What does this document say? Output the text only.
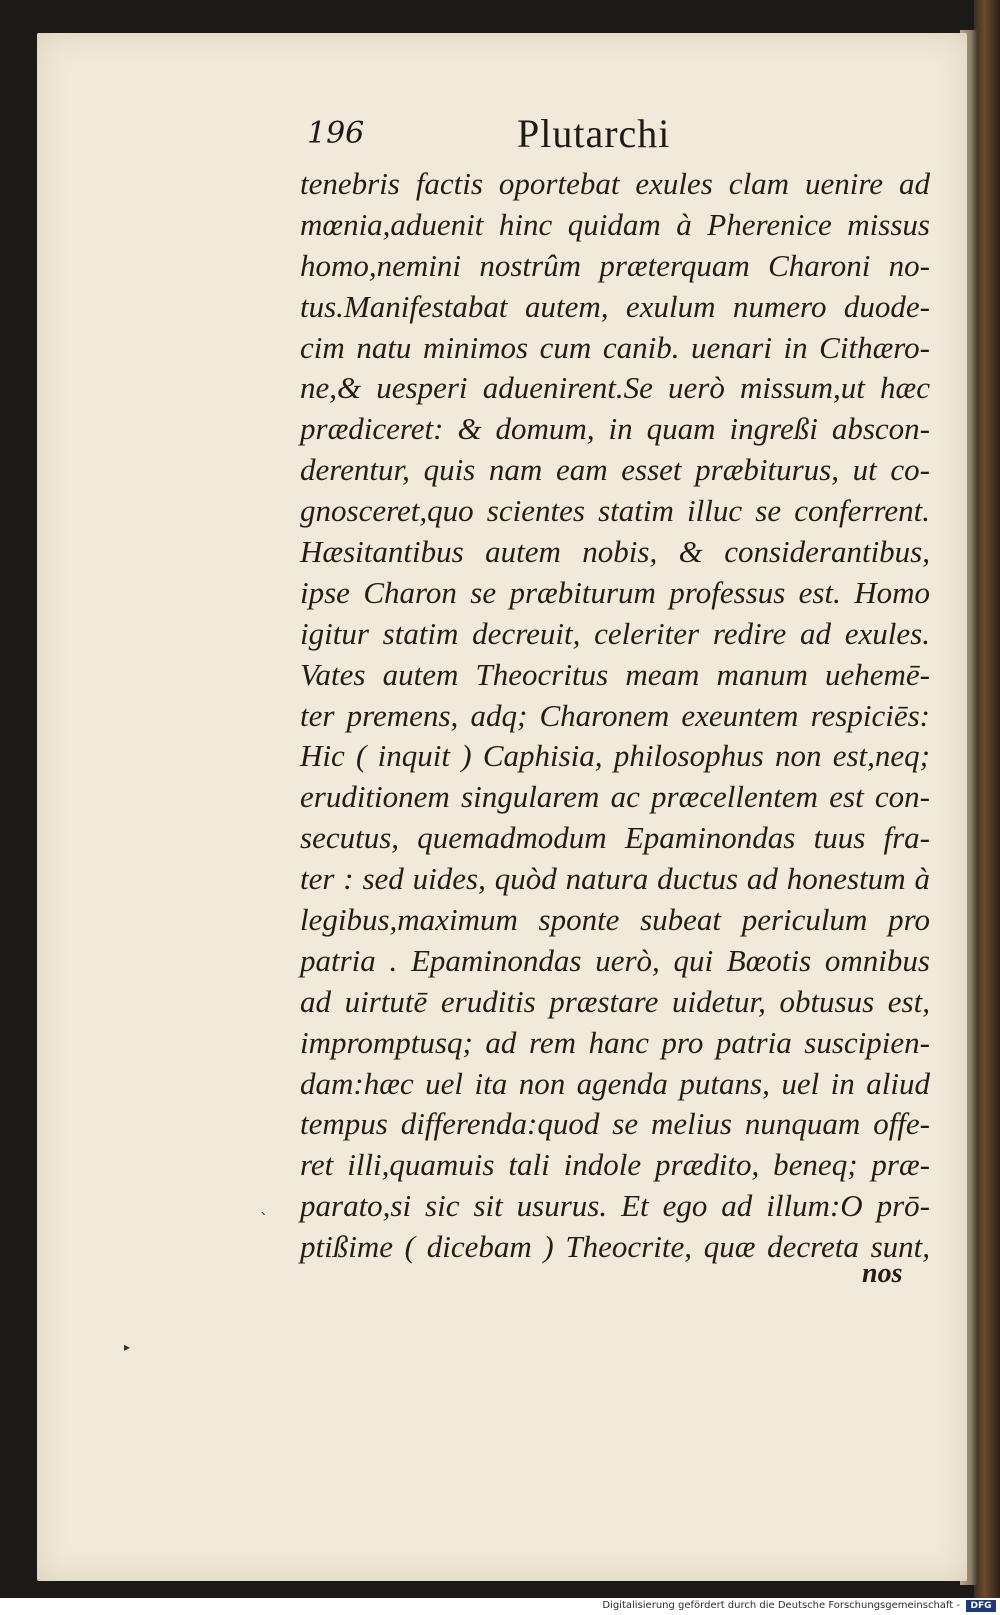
196	Plutarchi
tenebris factis oportebat exules clam uenire ad
mœnia,aduenit hinc quidam à Pherenice missus
homo,nemini nostrûm præterquam Charoni no-
tus.Manifestabat autem, exulum numero duode-
cim natu minimos cum canib. uenari in Cithæro-
ne,& uesperi aduenirent.Se uerò missum,ut hæc
prædiceret: & domum, in quam ingreßi abscon-
derentur, quis nam eam esset præbiturus, ut co-
gnosceret,quo scientes statim illuc se conferrent.
Hæsitantibus autem nobis, & considerantibus,
ipse Charon se præbiturum professus est. Homo
igitur statim decreuit, celeriter redire ad exules.
Vates autem Theocritus meam manum uehemē-
ter premens, adq; Charonem exeuntem respiciēs:
Hic ( inquit ) Caphisia, philosophus non est,neq;
eruditionem singularem ac præcellentem est con-
secutus, quemadmodum Epaminondas tuus fra-
ter : sed uides, quòd natura ductus ad honestum à
legibus,maximum sponte subeat periculum pro
patria . Epaminondas uerò, qui Bœotis omnibus
ad uirtutē eruditis præstare uidetur, obtusus est,
impromptusq; ad rem hanc pro patria suscipien-
dam:hæc uel ita non agenda putans, uel in aliud
tempus differenda:quod se melius nunquam offe-
ret illi,quamuis tali indole prædito, beneq; præ-
parato,si sic sit usurus. Et ego ad illum:O prō-
ptißime ( dicebam ) Theocrite, quæ decreta sunt,
nos
ˎ
▸
Digitalisierung gefördert durch die Deutsche Forschungsgemeinschaft -	DFG
